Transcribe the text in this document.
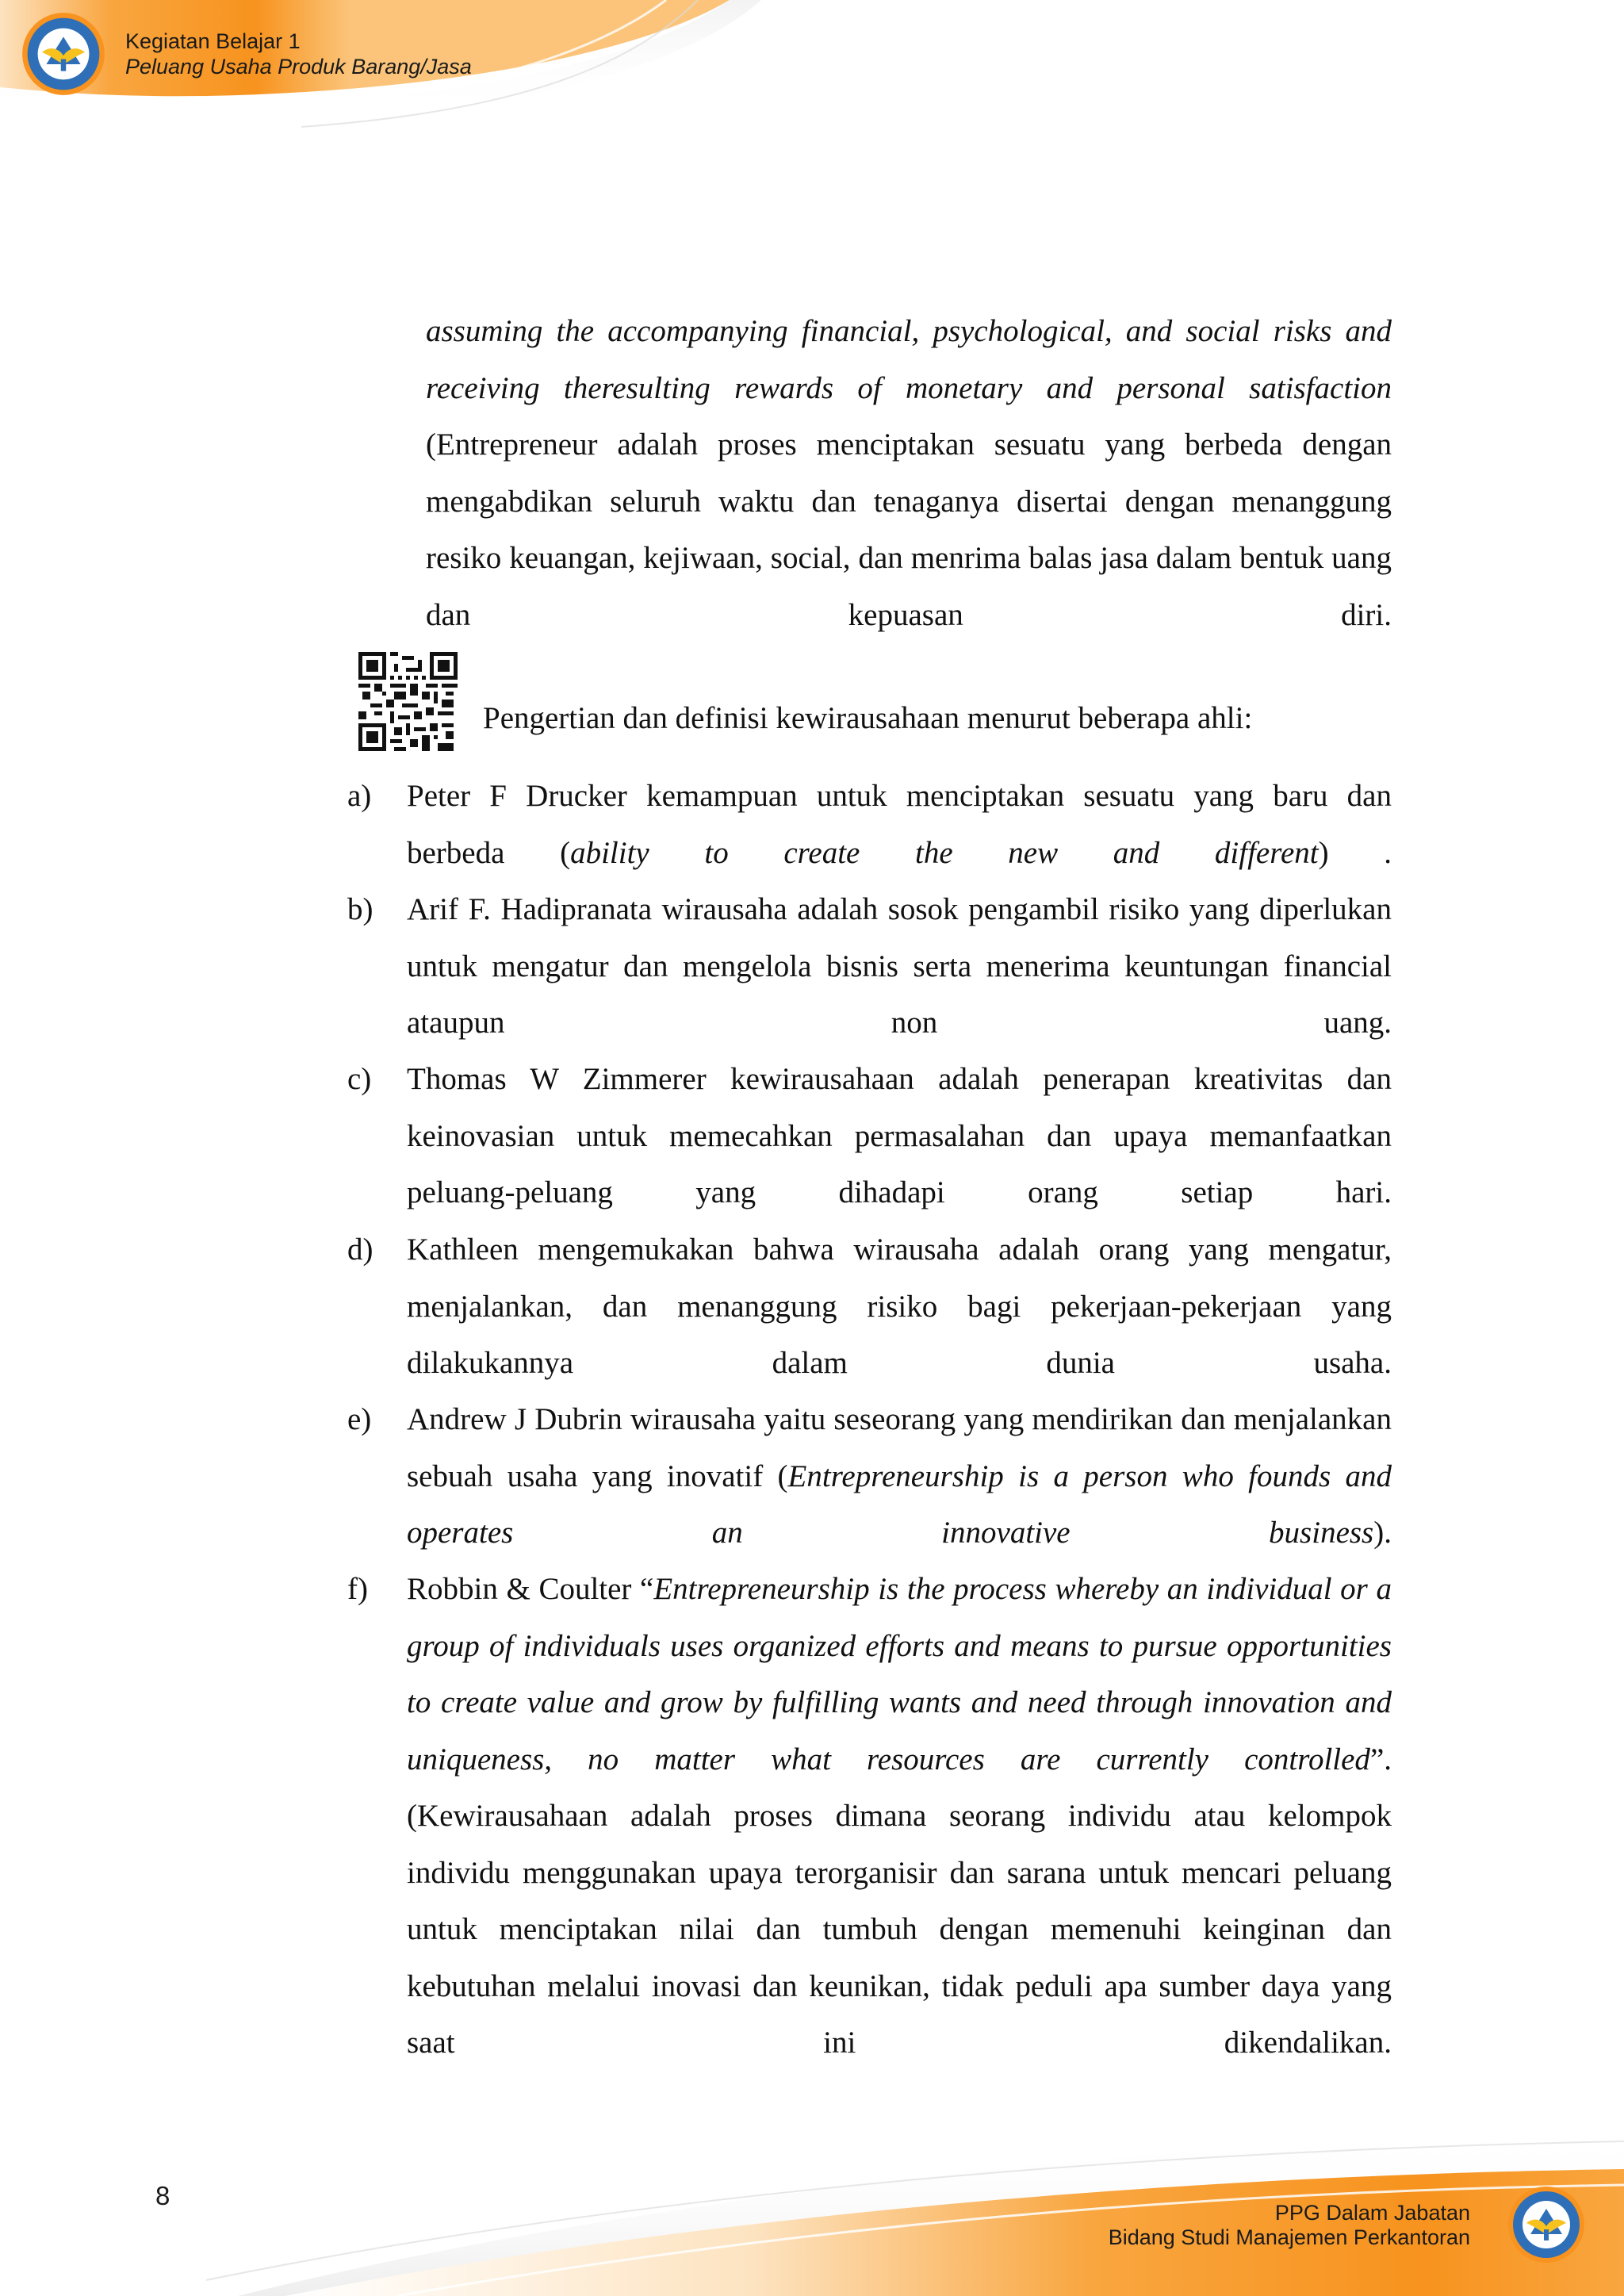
Kegiatan Belajar 1
Peluang Usaha Produk Barang/Jasa

assuming the accompanying financial, psychological, and social risks and receiving theresulting rewards of monetary and personal satisfaction (Entrepreneur adalah proses menciptakan sesuatu yang berbeda dengan mengabdikan seluruh waktu dan tenaganya disertai dengan menanggung resiko keuangan, kejiwaan, social, dan menrima balas jasa dalam bentuk uang dan kepuasan diri.

Pengertian dan definisi kewirausahaan menurut beberapa ahli:

a) Peter F Drucker kemampuan untuk menciptakan sesuatu yang baru dan berbeda (ability to create the new and different) .

b) Arif F. Hadipranata wirausaha adalah sosok pengambil risiko yang diperlukan untuk mengatur dan mengelola bisnis serta menerima keuntungan financial ataupun non uang.

c) Thomas W Zimmerer kewirausahaan adalah penerapan kreativitas dan keinovasian untuk memecahkan permasalahan dan upaya memanfaatkan peluang-peluang yang dihadapi orang setiap hari.

d) Kathleen mengemukakan bahwa wirausaha adalah orang yang mengatur, menjalankan, dan menanggung risiko bagi pekerjaan-pekerjaan yang dilakukannya dalam dunia usaha.

e) Andrew J Dubrin wirausaha yaitu seseorang yang mendirikan dan menjalankan sebuah usaha yang inovatif (Entrepreneurship is a person who founds and operates an innovative business).

f) Robbin & Coulter “Entrepreneurship is the process whereby an individual or a group of individuals uses organized efforts and means to pursue opportunities to create value and grow by fulfilling wants and need through innovation and uniqueness, no matter what resources are currently controlled”. (Kewirausahaan adalah proses dimana seorang individu atau kelompok individu menggunakan upaya terorganisir dan sarana untuk mencari peluang untuk menciptakan nilai dan tumbuh dengan memenuhi keinginan dan kebutuhan melalui inovasi dan keunikan, tidak peduli apa sumber daya yang saat ini dikendalikan.

8
PPG Dalam Jabatan
Bidang Studi Manajemen Perkantoran
